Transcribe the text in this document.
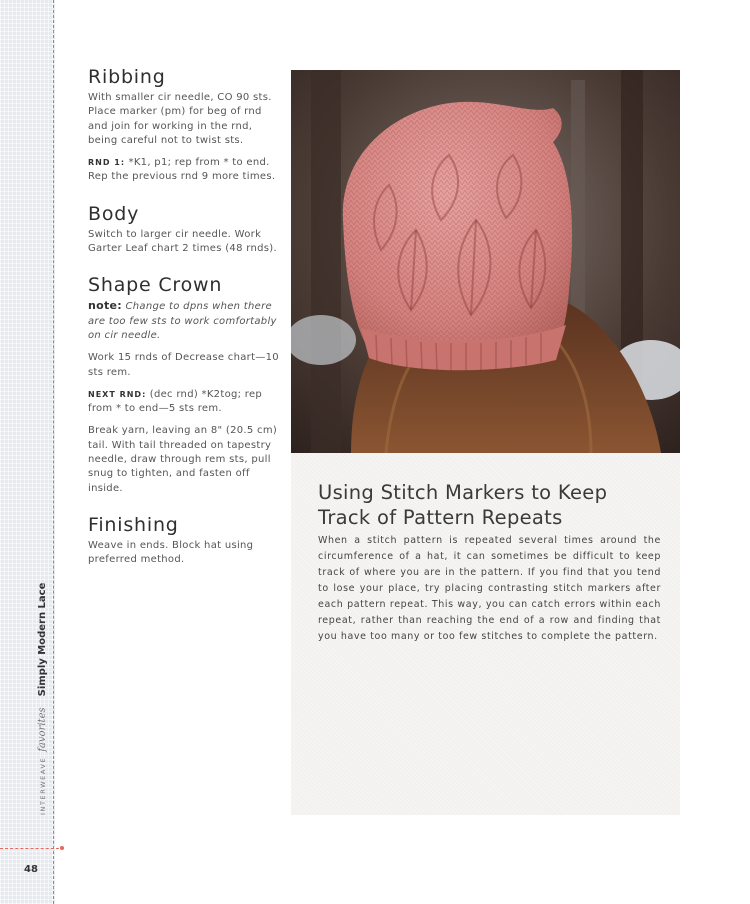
INTERWEAVE
favorites
Simply Modern Lace
48
Ribbing

With smaller cir needle, CO 90 sts. Place marker (pm) for beg of rnd and join for working in the rnd, being careful not to twist sts.

RND 1: *K1, p1; rep from * to end. Rep the previous rnd 9 more times.

Body

Switch to larger cir needle. Work Garter Leaf chart 2 times (48 rnds).

Shape Crown

note: Change to dpns when there are too few sts to work comfortably on cir needle.

Work 15 rnds of Decrease chart—10 sts rem.

NEXT RND: (dec rnd) *K2tog; rep from * to end—5 sts rem.

Break yarn, leaving an 8" (20.5 cm) tail. With tail threaded on tapestry needle, draw through rem sts, pull snug to tighten, and fasten off inside.

Finishing

Weave in ends. Block hat using preferred method.

Using Stitch Markers to Keep Track of Pattern Repeats

When a stitch pattern is repeated several times around the circumference of a hat, it can sometimes be difficult to keep track of where you are in the pattern. If you find that you tend to lose your place, try placing contrasting stitch markers after each pattern repeat. This way, you can catch errors within each repeat, rather than reaching the end of a row and finding that you have too many or too few stitches to complete the pattern.
